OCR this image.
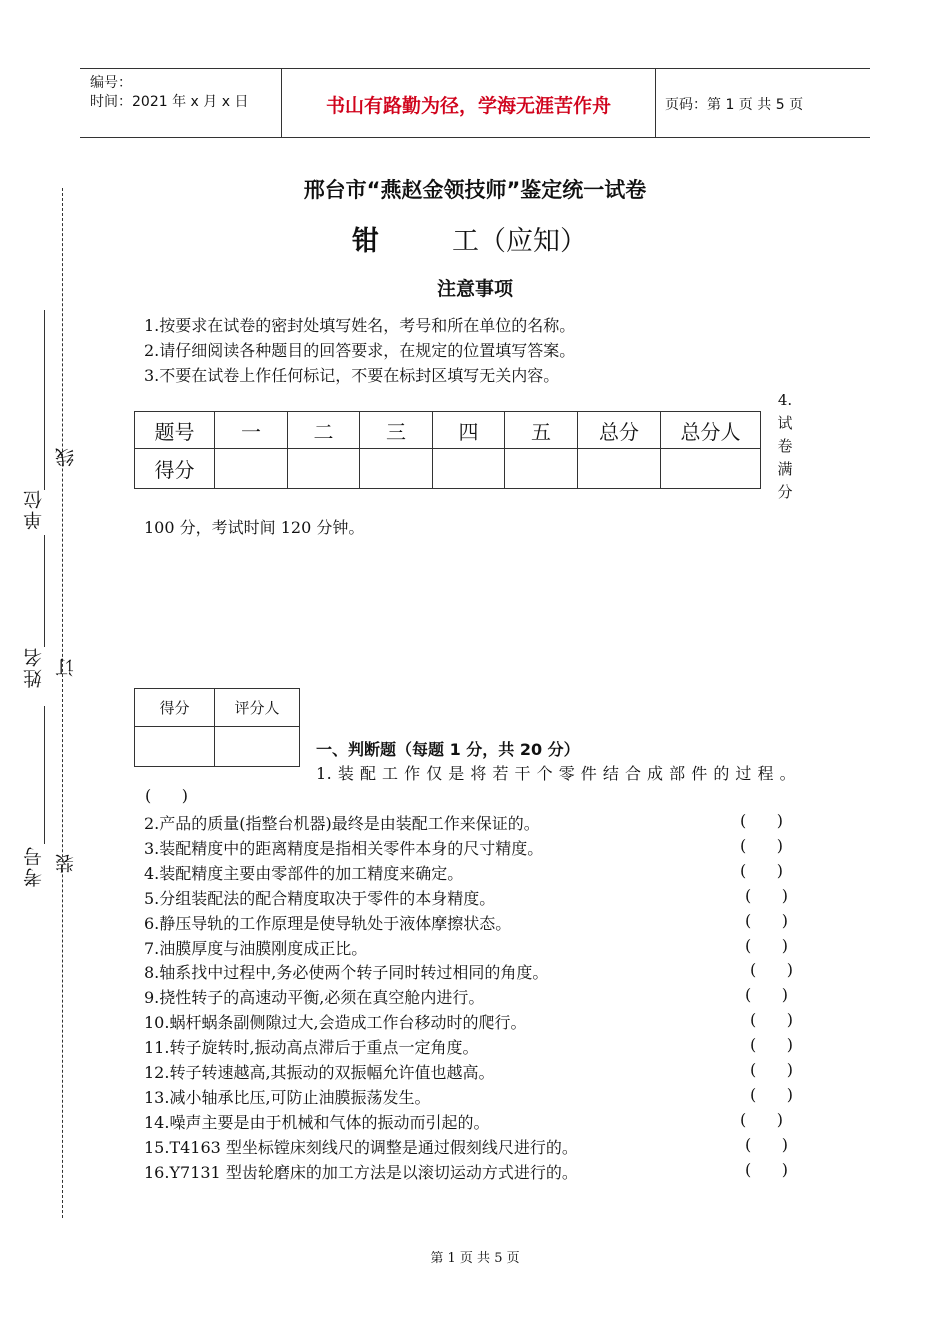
编号：
时间：2021 年 x 月 x 日	书山有路勤为径，学海无涯苦作舟	页码：第 1 页 共 5 页
线
订
装
单位
姓名
考号
邢台市“燕赵金领技师”鉴定统一试卷
钳	工（应知）
注意事项
1.按要求在试卷的密封处填写姓名，考号和所在单位的名称。
2.请仔细阅读各种题目的回答要求，在规定的位置填写答案。
3.不要在试卷上作任何标记，不要在标封区填写无关内容。
4.
试
卷
满
分
100 分，考试时间 120 分钟。
题号	一	二	三	四	五	总分	总分人
得分							
得分	评分人

一、判断题（每题 1 分，共 20 分）
1. 装 配 工 作 仅 是 将 若 干 个 零 件 结 合 成 部 件 的 过 程 。
(      )
2.产品的质量(指整台机器)最终是由装配工作来保证的。	(      )
3.装配精度中的距离精度是指相关零件本身的尺寸精度。	(      )
4.装配精度主要由零部件的加工精度来确定。	(      )
5.分组装配法的配合精度取决于零件的本身精度。	(      )
6.静压导轨的工作原理是使导轨处于液体摩擦状态。	(      )
7.油膜厚度与油膜刚度成正比。	(      )
8.轴系找中过程中,务必使两个转子同时转过相同的角度。	(      )
9.挠性转子的高速动平衡,必须在真空舱内进行。	(      )
10.蜗杆蜗条副侧隙过大,会造成工作台移动时的爬行。	(      )
11.转子旋转时,振动高点滞后于重点一定角度。	(      )
12.转子转速越高,其振动的双振幅允许值也越高。	(      )
13.减小轴承比压,可防止油膜振荡发生。	(      )
14.噪声主要是由于机械和气体的振动而引起的。	(      )
15.T4163 型坐标镗床刻线尺的调整是通过假刻线尺进行的。	(      )
16.Y7131 型齿轮磨床的加工方法是以滚切运动方式进行的。	(      )
第 1 页 共 5 页
